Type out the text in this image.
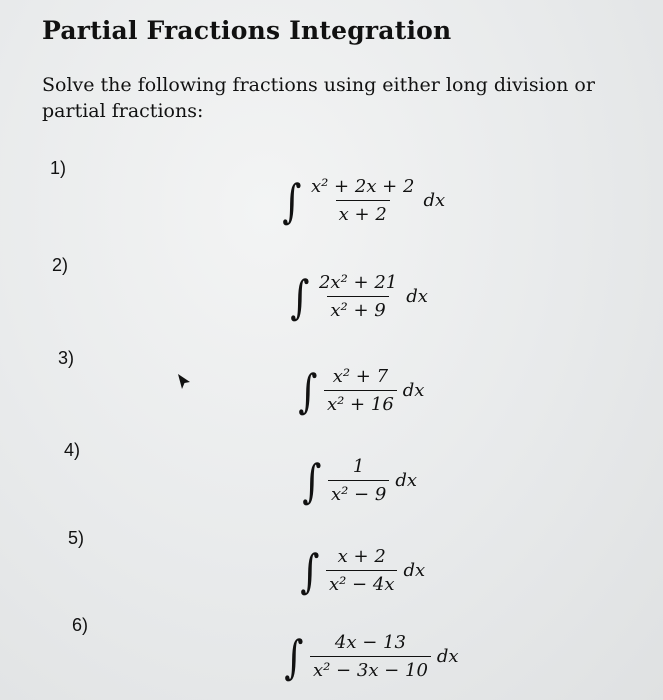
Partial Fractions Integration
Solve the following fractions using either long division or partial fractions:
1)
∫ $\frac{\text{x² + 2x + 2}}{x + 2}$ dx
2)
∫ $\frac{\text{2x² + 21}}{\text{x² + 9}}$ dx
3)
∫ $\frac{\text{x² + 7}}{\text{x² + 16}}$ dx
4)
∫ $\frac{1}{\text{x² − 9}}$ dx
5)
∫ $\frac{x + 2}{\text{x² − 4x}}$ dx
6)
∫ $\frac{4x - 13}{\text{x² − 3x − 10}}$ dx
